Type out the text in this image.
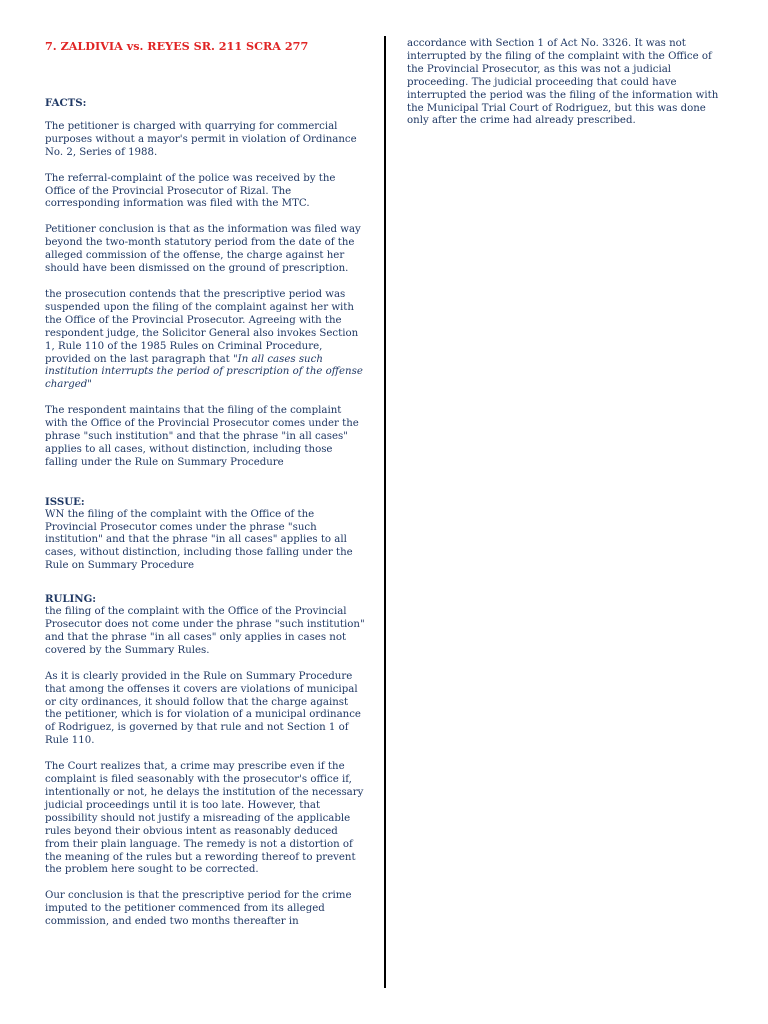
7. ZALDIVIA vs. REYES SR. 211 SCRA 277
FACTS:

The petitioner is charged with quarrying for commercial purposes without a mayor's permit in violation of Ordinance No. 2, Series of 1988.

The referral-complaint of the police was received by the Office of the Provincial Prosecutor of Rizal. The corresponding information was filed with the MTC.

Petitioner conclusion is that as the information was filed way beyond the two-month statutory period from the date of the alleged commission of the offense, the charge against her should have been dismissed on the ground of prescription.

the prosecution contends that the prescriptive period was suspended upon the filing of the complaint against her with the Office of the Provincial Prosecutor. Agreeing with the respondent judge, the Solicitor General also invokes Section 1, Rule 110 of the 1985 Rules on Criminal Procedure, provided on the last paragraph that "In all cases such institution interrupts the period of prescription of the offense charged"

The respondent maintains that the filing of the complaint with the Office of the Provincial Prosecutor comes under the phrase "such institution" and that the phrase "in all cases" applies to all cases, without distinction, including those falling under the Rule on Summary Procedure

ISSUE:

WN the filing of the complaint with the Office of the Provincial Prosecutor comes under the phrase "such institution" and that the phrase "in all cases" applies to all cases, without distinction, including those falling under the Rule on Summary Procedure

RULING:

the filing of the complaint with the Office of the Provincial Prosecutor does not come under the phrase "such institution" and that the phrase "in all cases" only applies in cases not covered by the Summary Rules.

As it is clearly provided in the Rule on Summary Procedure that among the offenses it covers are violations of municipal or city ordinances, it should follow that the charge against the petitioner, which is for violation of a municipal ordinance of Rodriguez, is governed by that rule and not Section 1 of Rule 110.

The Court realizes that, a crime may prescribe even if the complaint is filed seasonably with the prosecutor's office if, intentionally or not, he delays the institution of the necessary judicial proceedings until it is too late. However, that possibility should not justify a misreading of the applicable rules beyond their obvious intent as reasonably deduced from their plain language. The remedy is not a distortion of the meaning of the rules but a rewording thereof to prevent the problem here sought to be corrected.

Our conclusion is that the prescriptive period for the crime imputed to the petitioner commenced from its alleged commission, and ended two months thereafter in

accordance with Section 1 of Act No. 3326. It was not interrupted by the filing of the complaint with the Office of the Provincial Prosecutor, as this was not a judicial proceeding. The judicial proceeding that could have interrupted the period was the filing of the information with the Municipal Trial Court of Rodriguez, but this was done only after the crime had already prescribed.
